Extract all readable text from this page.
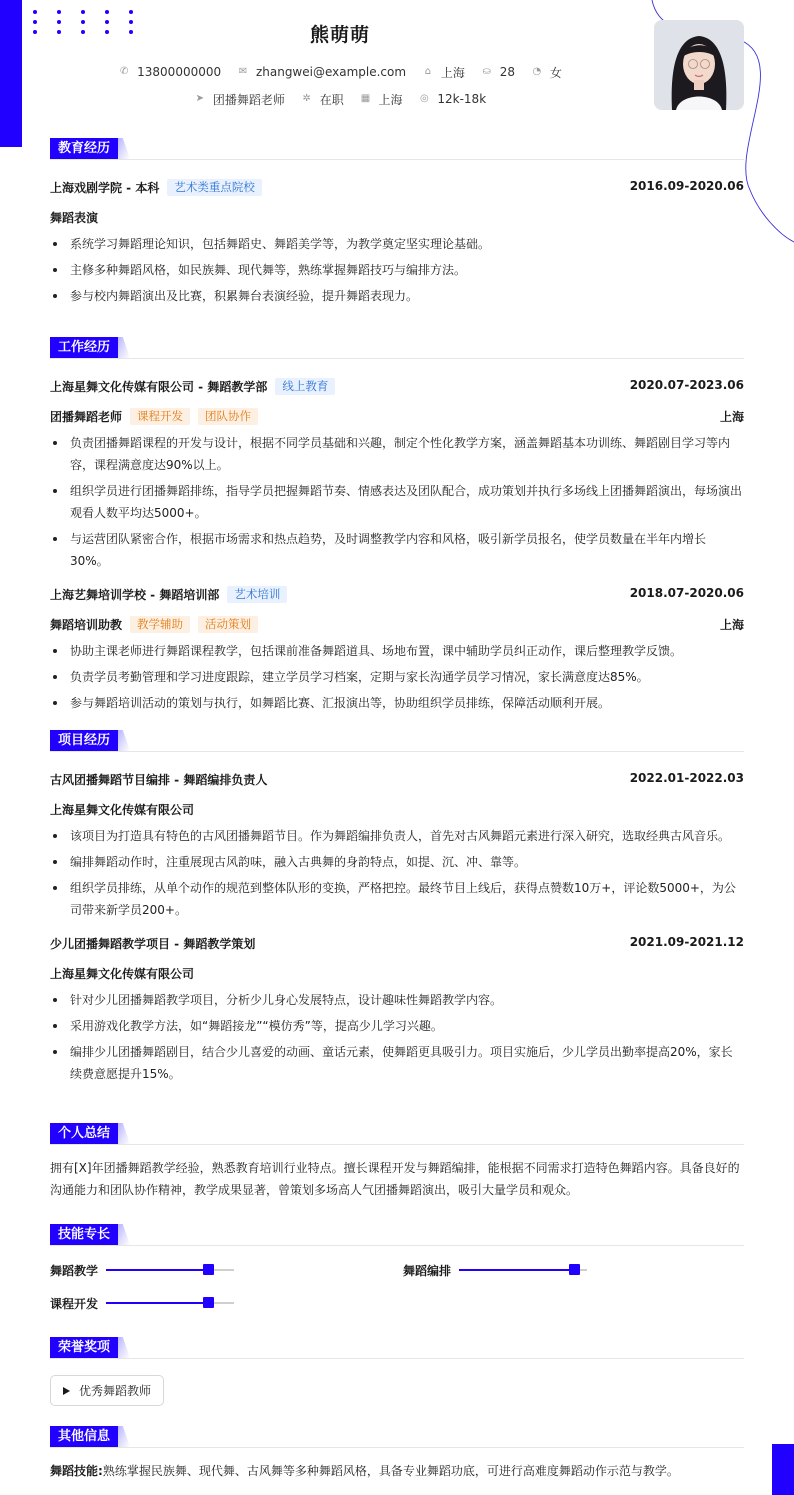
熊萌萌
✆ 13800000000
✉ zhangwei@example.com
⌂ 上海
⛀ 28
◔ 女
➤ 团播舞蹈老师
✲ 在职
▦ 上海
◎ 12k-18k
教育经历
上海戏剧学院 - 本科	艺术类重点院校	2016.09-2020.06
舞蹈表演
系统学习舞蹈理论知识，包括舞蹈史、舞蹈美学等，为教学奠定坚实理论基础。
主修多种舞蹈风格，如民族舞、现代舞等，熟练掌握舞蹈技巧与编排方法。
参与校内舞蹈演出及比赛，积累舞台表演经验，提升舞蹈表现力。
工作经历
上海星舞文化传媒有限公司 - 舞蹈教学部	线上教育	2020.07-2023.06
团播舞蹈老师	课程开发	团队协作	上海
负责团播舞蹈课程的开发与设计，根据不同学员基础和兴趣，制定个性化教学方案，涵盖舞蹈基本功训练、舞蹈剧目学习等内容，课程满意度达90%以上。
组织学员进行团播舞蹈排练，指导学员把握舞蹈节奏、情感表达及团队配合，成功策划并执行多场线上团播舞蹈演出，每场演出观看人数平均达5000+。
与运营团队紧密合作，根据市场需求和热点趋势，及时调整教学内容和风格，吸引新学员报名，使学员数量在半年内增长30%。
上海艺舞培训学校 - 舞蹈培训部	艺术培训	2018.07-2020.06
舞蹈培训助教	教学辅助	活动策划	上海
协助主课老师进行舞蹈课程教学，包括课前准备舞蹈道具、场地布置，课中辅助学员纠正动作，课后整理教学反馈。
负责学员考勤管理和学习进度跟踪，建立学员学习档案，定期与家长沟通学员学习情况，家长满意度达85%。
参与舞蹈培训活动的策划与执行，如舞蹈比赛、汇报演出等，协助组织学员排练，保障活动顺利开展。
项目经历
古风团播舞蹈节目编排 - 舞蹈编排负责人	2022.01-2022.03
上海星舞文化传媒有限公司
该项目为打造具有特色的古风团播舞蹈节目。作为舞蹈编排负责人，首先对古风舞蹈元素进行深入研究，选取经典古风音乐。
编排舞蹈动作时，注重展现古风韵味，融入古典舞的身韵特点，如提、沉、冲、靠等。
组织学员排练，从单个动作的规范到整体队形的变换，严格把控。最终节目上线后，获得点赞数10万+，评论数5000+，为公司带来新学员200+。
少儿团播舞蹈教学项目 - 舞蹈教学策划	2021.09-2021.12
上海星舞文化传媒有限公司
针对少儿团播舞蹈教学项目，分析少儿身心发展特点，设计趣味性舞蹈教学内容。
采用游戏化教学方法，如“舞蹈接龙”“模仿秀”等，提高少儿学习兴趣。
编排少儿团播舞蹈剧目，结合少儿喜爱的动画、童话元素，使舞蹈更具吸引力。项目实施后，少儿学员出勤率提高20%，家长续费意愿提升15%。
个人总结
拥有[X]年团播舞蹈教学经验，熟悉教育培训行业特点。擅长课程开发与舞蹈编排，能根据不同需求打造特色舞蹈内容。具备良好的沟通能力和团队协作精神，教学成果显著，曾策划多场高人气团播舞蹈演出，吸引大量学员和观众。
技能专长
舞蹈教学	舞蹈编排
课程开发
荣誉奖项
优秀舞蹈教师
其他信息
舞蹈技能:熟练掌握民族舞、现代舞、古风舞等多种舞蹈风格，具备专业舞蹈功底，可进行高难度舞蹈动作示范与教学。
